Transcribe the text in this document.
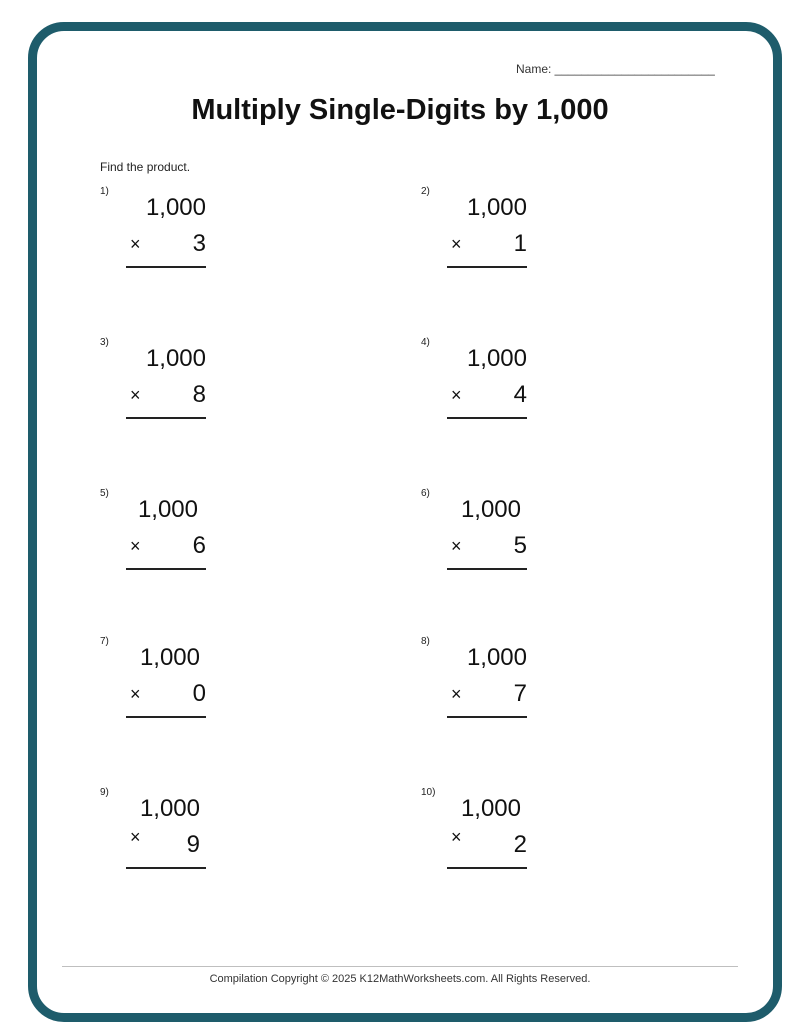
Name: ________________________
Multiply Single-Digits by 1,000
Find the product.
1)
1,000
× 3
2)
1,000
× 1
3)
1,000
× 8
4)
1,000
× 4
5)
1,000
× 6
6)
1,000
× 5
7)
1,000
× 0
8)
1,000
× 7
9)
1,000
× 9
10)
1,000
× 2
Compilation Copyright © 2025 K12MathWorksheets.com. All Rights Reserved.
